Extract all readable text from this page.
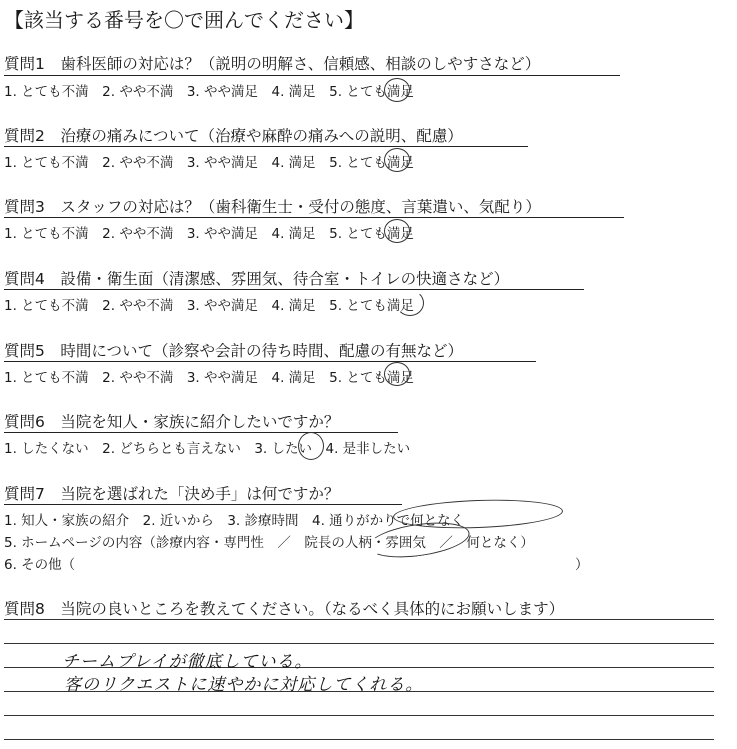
【該当する番号を〇で囲んでください】
質問1　歯科医師の対応は？（説明の明解さ、信頼感、相談のしやすさなど）
1. とても不満　2. やや不満　3. やや満足　4. 満足　5. とても満足
質問2　治療の痛みについて（治療や麻酔の痛みへの説明、配慮）
1. とても不満　2. やや不満　3. やや満足　4. 満足　5. とても満足
質問3　スタッフの対応は？（歯科衛生士・受付の態度、言葉遣い、気配り）
1. とても不満　2. やや不満　3. やや満足　4. 満足　5. とても満足
質問4　設備・衛生面（清潔感、雰囲気、待合室・トイレの快適さなど）
1. とても不満　2. やや不満　3. やや満足　4. 満足　5. とても満足
質問5　時間について（診察や会計の待ち時間、配慮の有無など）
1. とても不満　2. やや不満　3. やや満足　4. 満足　5. とても満足
質問6　当院を知人・家族に紹介したいですか？
1. したくない　2. どちらとも言えない　3. したい　4. 是非したい
質問7　当院を選ばれた「決め手」は何ですか？
1. 知人・家族の紹介　2. 近いから　3. 診療時間　4. 通りがかりで何となく
5. ホームページの内容（診療内容・専門性　／　院長の人柄・雰囲気　／　何となく）
6. その他（	）
質問8　当院の良いところを教えてください。（なるべく具体的にお願いします）
チームプレイが徹底している。
客のリクエストに速やかに対応してくれる。
